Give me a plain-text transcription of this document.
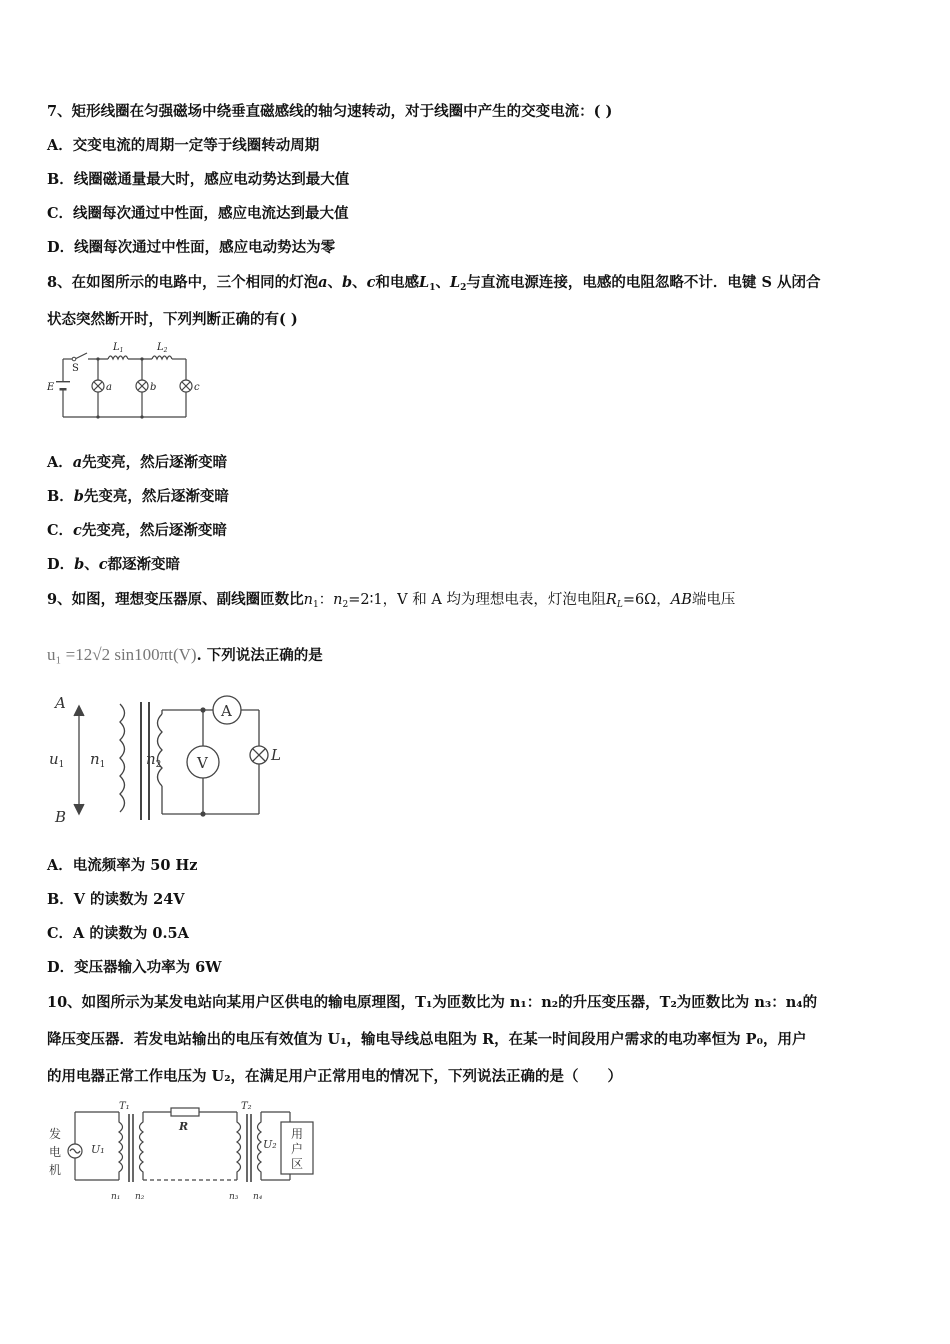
7、矩形线圈在匀强磁场中绕垂直磁感线的轴匀速转动，对于线圈中产生的交变电流：( )
A．交变电流的周期一定等于线圈转动周期
B．线圈磁通量最大时，感应电动势达到最大值
C．线圈每次通过中性面，感应电流达到最大值
D．线圈每次通过中性面，感应电动势达为零
8、在如图所示的电路中，三个相同的灯泡a、b、c和电感$L_1$、$L_2$与直流电源连接，电感的电阻忽略不计．电键 S 从闭合
状态突然断开时，下列判断正确的有( )
E
S
$L_1$	$L_2$
a	b	c
A．a先变亮，然后逐渐变暗
B．b先变亮，然后逐渐变暗
C．c先变亮，然后逐渐变暗
D．b、c都逐渐变暗
9、如图，理想变压器原、副线圈匝数比$n_1$：$n_2=2∶1$，V 和 A 均为理想电表，灯泡电阻$R_L=6\Omega$，AB端电压
u₁ =12√2 sin100πt(V). 下列说法正确的是
A
B
$u_1$ $n_1$	$n_2$
A
V	L
A．电流频率为 50 Hz
B．V 的读数为 24V
C．A 的读数为 0.5A
D．变压器输入功率为 6W
10、如图所示为某发电站向某用户区供电的输电原理图，T₁为匝数比为 n₁：n₂的升压变压器，T₂为匝数比为 n₃：n₄的
降压变压器．若发电站输出的电压有效值为 U₁，输电导线总电阻为 R，在某一时间段用户需求的电功率恒为 P₀，用户
的用电器正常工作电压为 U₂，在满足用户正常用电的情况下，下列说法正确的是（　　）
发
电
机
U₁
T₁
R
T₂
U₂
用
户
区
n₁ n₂	n₃ n₄
